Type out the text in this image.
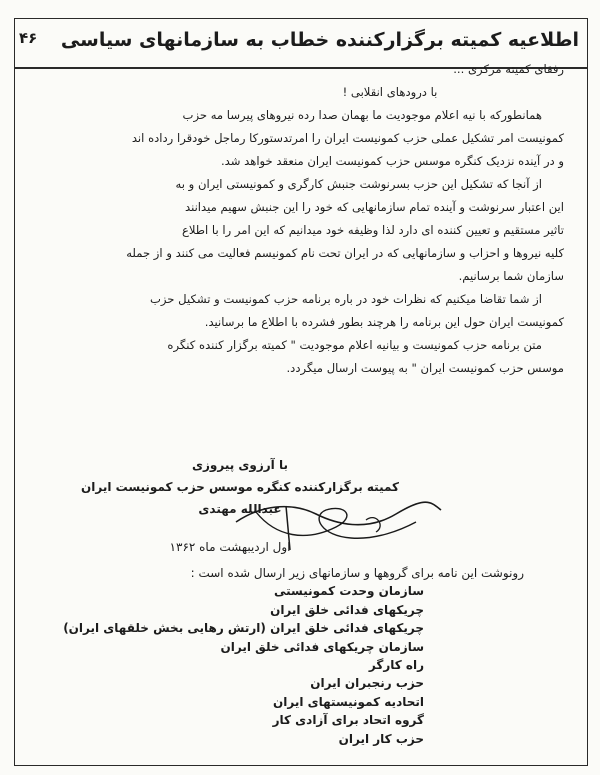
۴۶ اطلاعیه کمیته برگزارکننده خطاب به سازمانهای سیاسی
رفقای کمیته مرکزی ...
با درودهای انقلابی !
همانطورکه با نیه اعلام موجودیت ما بهمان صدا رده نیروهای پیرسا مه حزب
کمونیست امر تشکیل عملی حزب کمونیست ایران را امرتدستورکا رماجل خودقرا رداده اند
و در آینده نزدیک کنگره موسس حزب کمونیست ایران منعقد خواهد شد.
از آنجا که تشکیل این حزب بسرنوشت جنبش کارگری و کمونیستی ایران و به
این اعتبار سرنوشت و آینده تمام سازمانهایی که خود را این جنبش سهیم میدانند
تاثیر مستقیم و تعیین کننده ای دارد لذا وظیفه خود میدانیم که این امر را با اطلاع
کلیه نیروها و احزاب و سازمانهایی که در ایران تحت نام کمونیسم فعالیت می کنند و از جمله
سازمان شما برسانیم.
از شما تقاضا میکنیم که نظرات خود در باره برنامه حزب کمونیست و تشکیل حزب
کمونیست ایران حول این برنامه را هرچند بطور فشرده با اطلاع ما برسانید.
متن برنامه حزب کمونیست و بیانیه اعلام موجودیت " کمیته برگزار کننده کنگره
موسس حزب کمونیست ایران " به پیوست ارسال میگردد.
با آرزوی پیروزی
کمیته برگزارکننده کنگره موسس حزب کمونیست ایران
عبدالله مهتدی
اول اردیبهشت ماه ۱۳۶۲
رونوشت این نامه برای گروهها و سازمانهای زیر ارسال شده است :
سازمان وحدت کمونیستی
چریکهای فدائی خلق ایران
چریکهای فدائی خلق ایران (ارتش رهایی بخش خلقهای ایران)
سازمان چریکهای فدائی خلق ایران
راه کارگر
حزب رنجبران ایران
اتحادیه کمونیستهای ایران
گروه اتحاد برای آزادی کار
حزب کار ایران
